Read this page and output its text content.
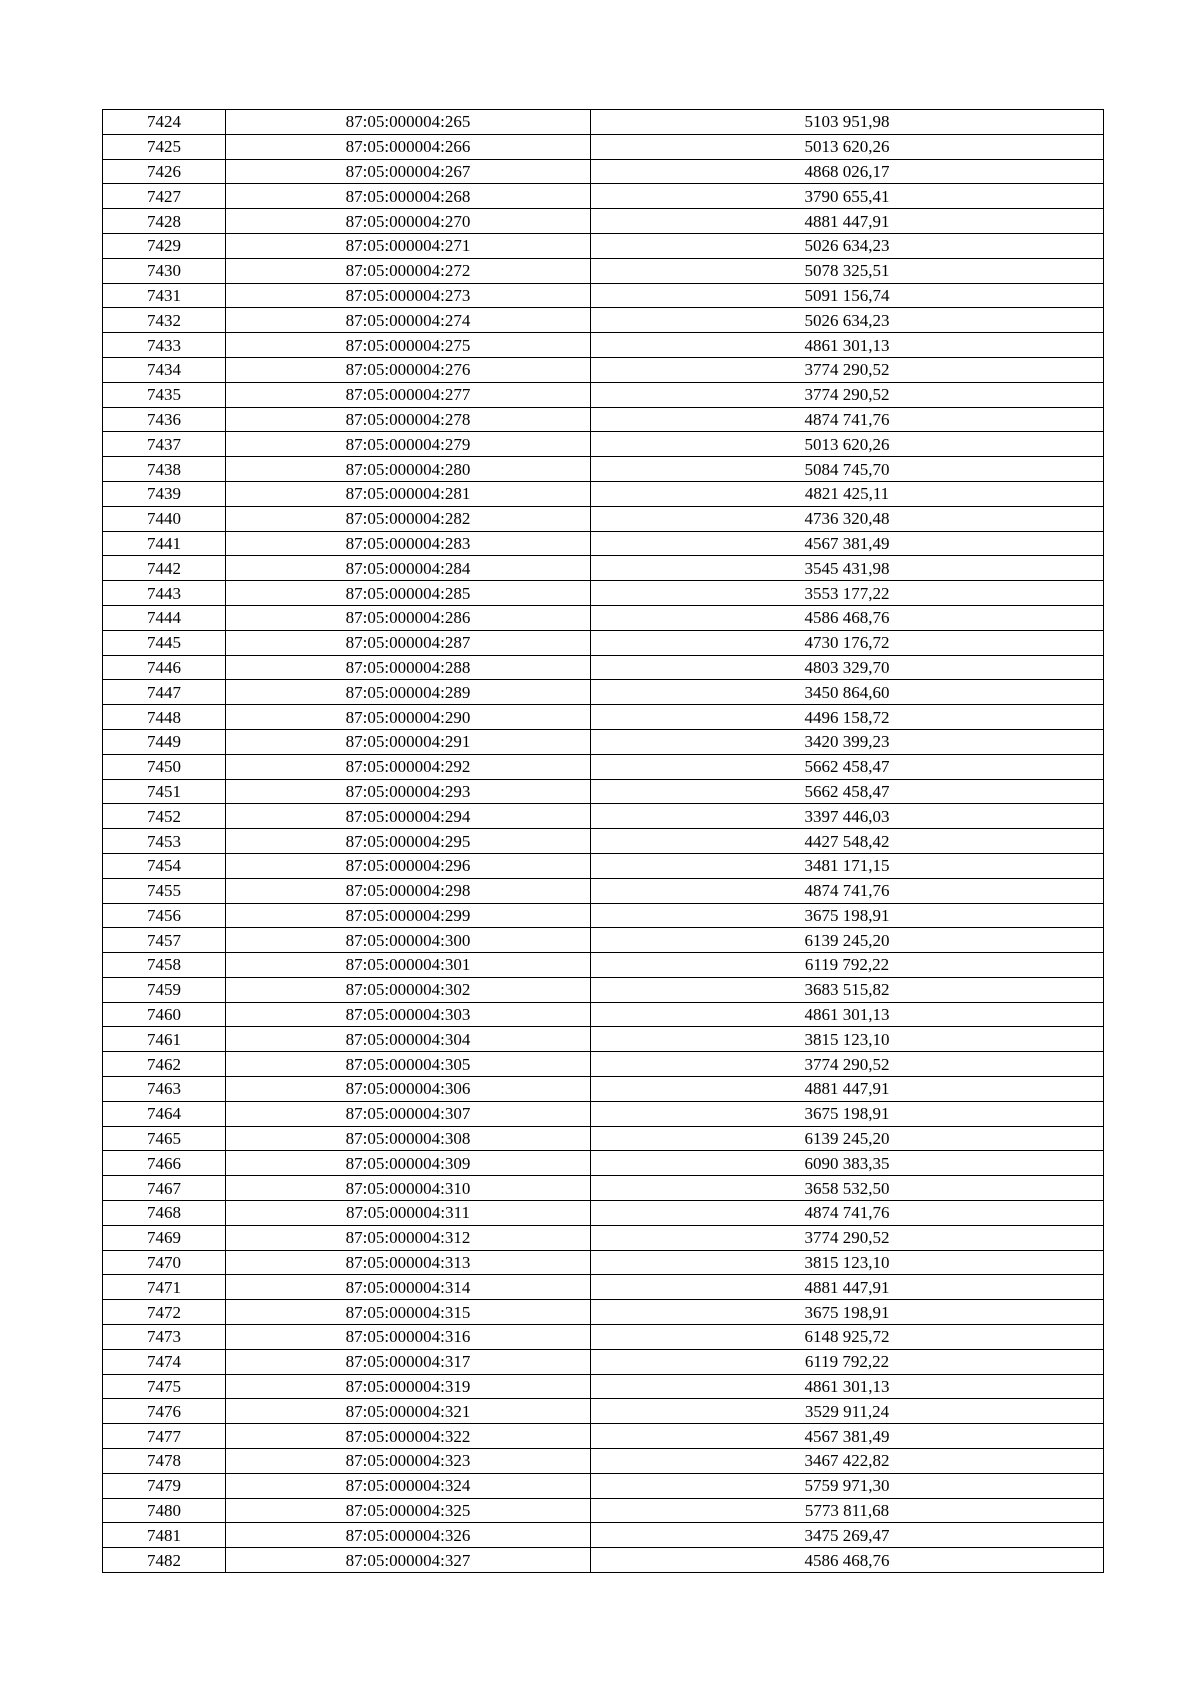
7424	87:05:000004:265	5103 951,98
7425	87:05:000004:266	5013 620,26
7426	87:05:000004:267	4868 026,17
7427	87:05:000004:268	3790 655,41
7428	87:05:000004:270	4881 447,91
7429	87:05:000004:271	5026 634,23
7430	87:05:000004:272	5078 325,51
7431	87:05:000004:273	5091 156,74
7432	87:05:000004:274	5026 634,23
7433	87:05:000004:275	4861 301,13
7434	87:05:000004:276	3774 290,52
7435	87:05:000004:277	3774 290,52
7436	87:05:000004:278	4874 741,76
7437	87:05:000004:279	5013 620,26
7438	87:05:000004:280	5084 745,70
7439	87:05:000004:281	4821 425,11
7440	87:05:000004:282	4736 320,48
7441	87:05:000004:283	4567 381,49
7442	87:05:000004:284	3545 431,98
7443	87:05:000004:285	3553 177,22
7444	87:05:000004:286	4586 468,76
7445	87:05:000004:287	4730 176,72
7446	87:05:000004:288	4803 329,70
7447	87:05:000004:289	3450 864,60
7448	87:05:000004:290	4496 158,72
7449	87:05:000004:291	3420 399,23
7450	87:05:000004:292	5662 458,47
7451	87:05:000004:293	5662 458,47
7452	87:05:000004:294	3397 446,03
7453	87:05:000004:295	4427 548,42
7454	87:05:000004:296	3481 171,15
7455	87:05:000004:298	4874 741,76
7456	87:05:000004:299	3675 198,91
7457	87:05:000004:300	6139 245,20
7458	87:05:000004:301	6119 792,22
7459	87:05:000004:302	3683 515,82
7460	87:05:000004:303	4861 301,13
7461	87:05:000004:304	3815 123,10
7462	87:05:000004:305	3774 290,52
7463	87:05:000004:306	4881 447,91
7464	87:05:000004:307	3675 198,91
7465	87:05:000004:308	6139 245,20
7466	87:05:000004:309	6090 383,35
7467	87:05:000004:310	3658 532,50
7468	87:05:000004:311	4874 741,76
7469	87:05:000004:312	3774 290,52
7470	87:05:000004:313	3815 123,10
7471	87:05:000004:314	4881 447,91
7472	87:05:000004:315	3675 198,91
7473	87:05:000004:316	6148 925,72
7474	87:05:000004:317	6119 792,22
7475	87:05:000004:319	4861 301,13
7476	87:05:000004:321	3529 911,24
7477	87:05:000004:322	4567 381,49
7478	87:05:000004:323	3467 422,82
7479	87:05:000004:324	5759 971,30
7480	87:05:000004:325	5773 811,68
7481	87:05:000004:326	3475 269,47
7482	87:05:000004:327	4586 468,76
